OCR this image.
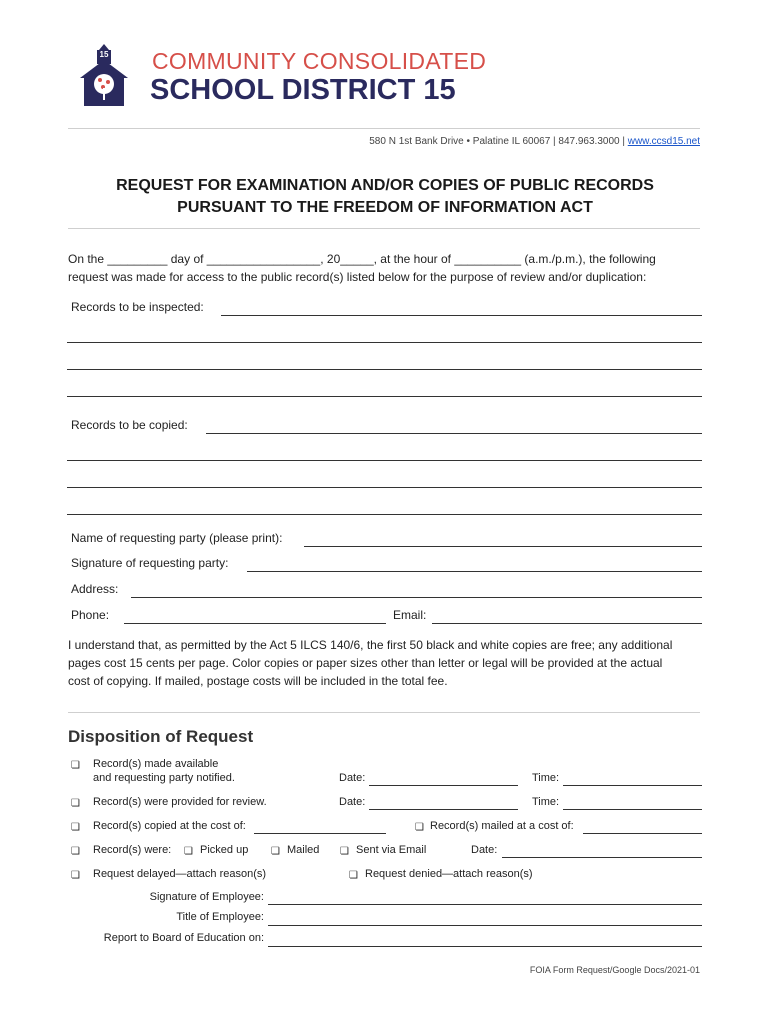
15 COMMUNITY CONSOLIDATED
SCHOOL DISTRICT 15
580 N 1st Bank Drive • Palatine IL 60067 | 847.963.3000 | www.ccsd15.net
REQUEST FOR EXAMINATION AND/OR COPIES OF PUBLIC RECORDS
PURSUANT TO THE FREEDOM OF INFORMATION ACT
On the _________ day of _________________, 20_____, at the hour of __________ (a.m./p.m.), the following
request was made for access to the public record(s) listed below for the purpose of review and/or duplication:
Records to be inspected:
Records to be copied:
Name of requesting party (please print):
Signature of requesting party:
Address:
Phone:	Email:
I understand that, as permitted by the Act 5 ILCS 140/6, the first 50 black and white copies are free; any additional
pages cost 15 cents per page. Color copies or paper sizes other than letter or legal will be provided at the actual
cost of copying. If mailed, postage costs will be included in the total fee.
Disposition of Request
❏ Record(s) made available
and requesting party notified.	Date:	Time:
❏ Record(s) were provided for review.	Date:	Time:
❏ Record(s) copied at the cost of:	❏ Record(s) mailed at a cost of:
❏ Record(s) were: ❏ Picked up ❏ Mailed ❏ Sent via Email	Date:
❏ Request delayed—attach reason(s)	❏ Request denied—attach reason(s)
Signature of Employee:
Title of Employee:
Report to Board of Education on:
FOIA Form Request/Google Docs/2021-01
